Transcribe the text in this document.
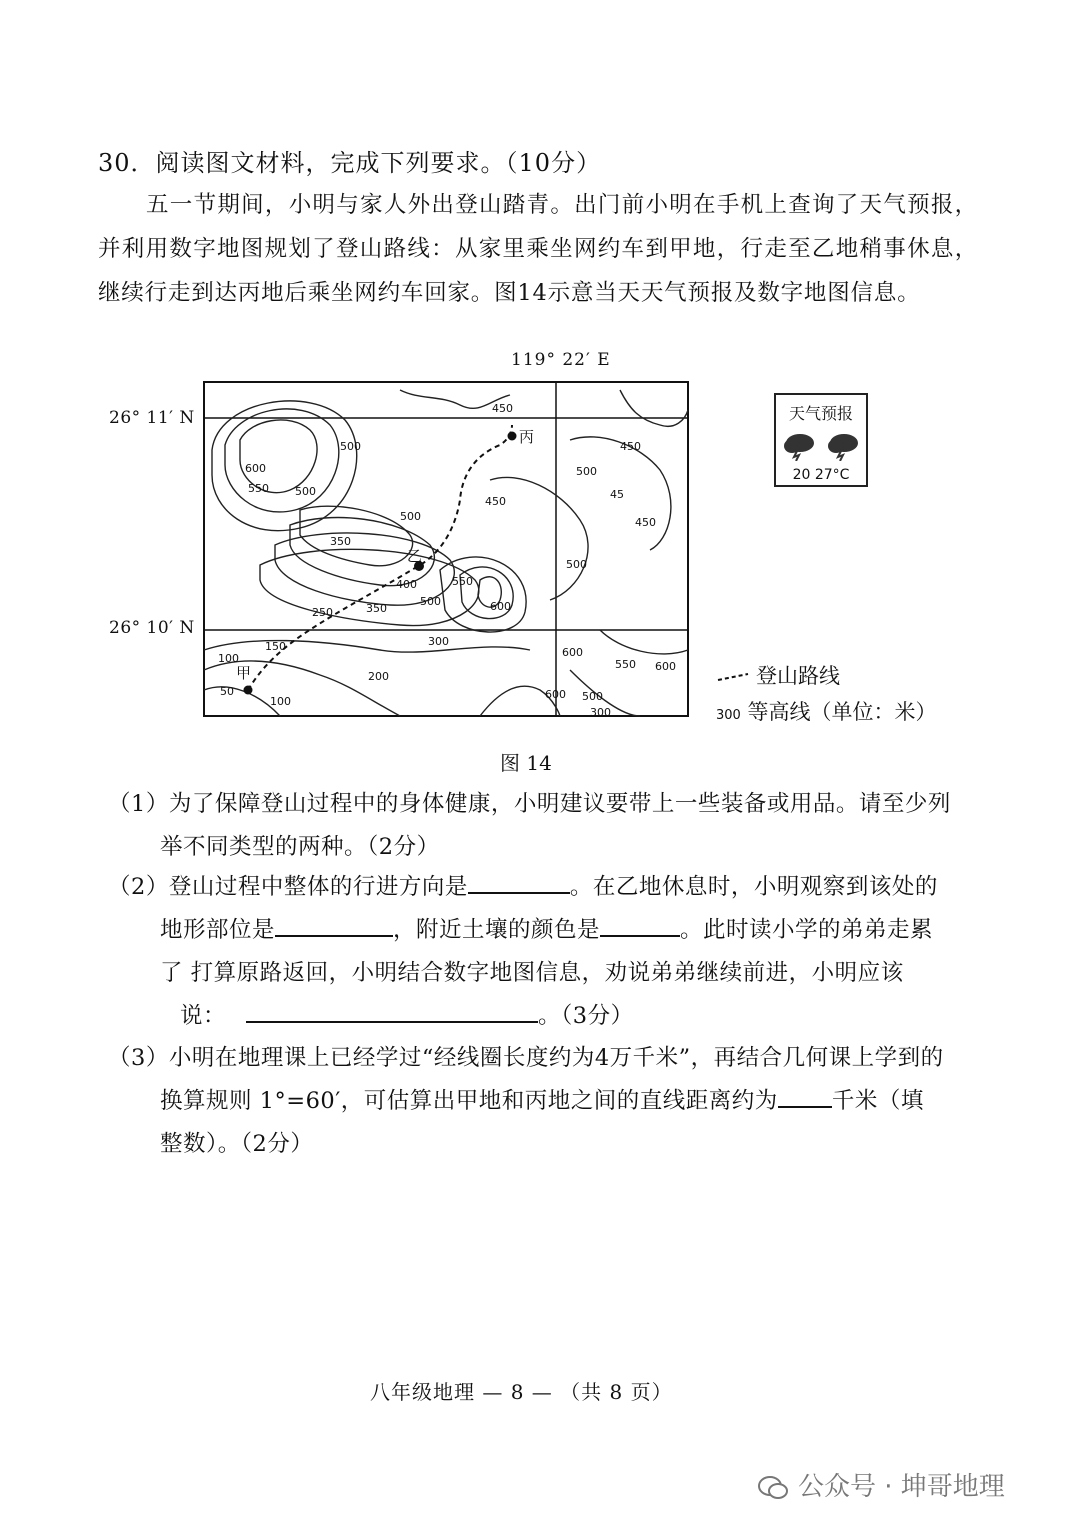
30．阅读图文材料，完成下列要求。（10分）
五一节期间，小明与家人外出登山踏青。出门前小明在手机上查询了天气预报，并利用数字地图规划了登山路线：从家里乘坐网约车到甲地，行走至乙地稍事休息，继续行走到达丙地后乘坐网约车回家。图14示意当天天气预报及数字地图信息。
甲
乙
丙
450
450
500
600
550 500
500
450
500
45
450
350
400
500
550
600
250	350
300
200
150
100
50
100
600
550 600
600
500
300
500
119° 22′ E
26° 11′ N
26° 10′ N
天气预报
20 27°C
登山路线
300 等高线（单位：米）
图 14
（1）为了保障登山过程中的身体健康，小明建议要带上一些装备或用品。请至少列
举不同类型的两种。（2分）
（2）登山过程中整体的行进方向是	。在乙地休息时，小明观察到该处的
地形部位是	，附近土壤的颜色是	。此时读小学的弟弟走累
了 打算原路返回，小明结合数字地图信息，劝说弟弟继续前进，小明应该
说：	。（3分）
（3）小明在地理课上已经学过“经线圈长度约为4万千米”，再结合几何课上学到的
换算规则 1°=60′，可估算出甲地和丙地之间的直线距离约为 千米（填
整数）。（2分）
八年级地理 — 8 — （共 8 页）
公众号 · 坤哥地理
